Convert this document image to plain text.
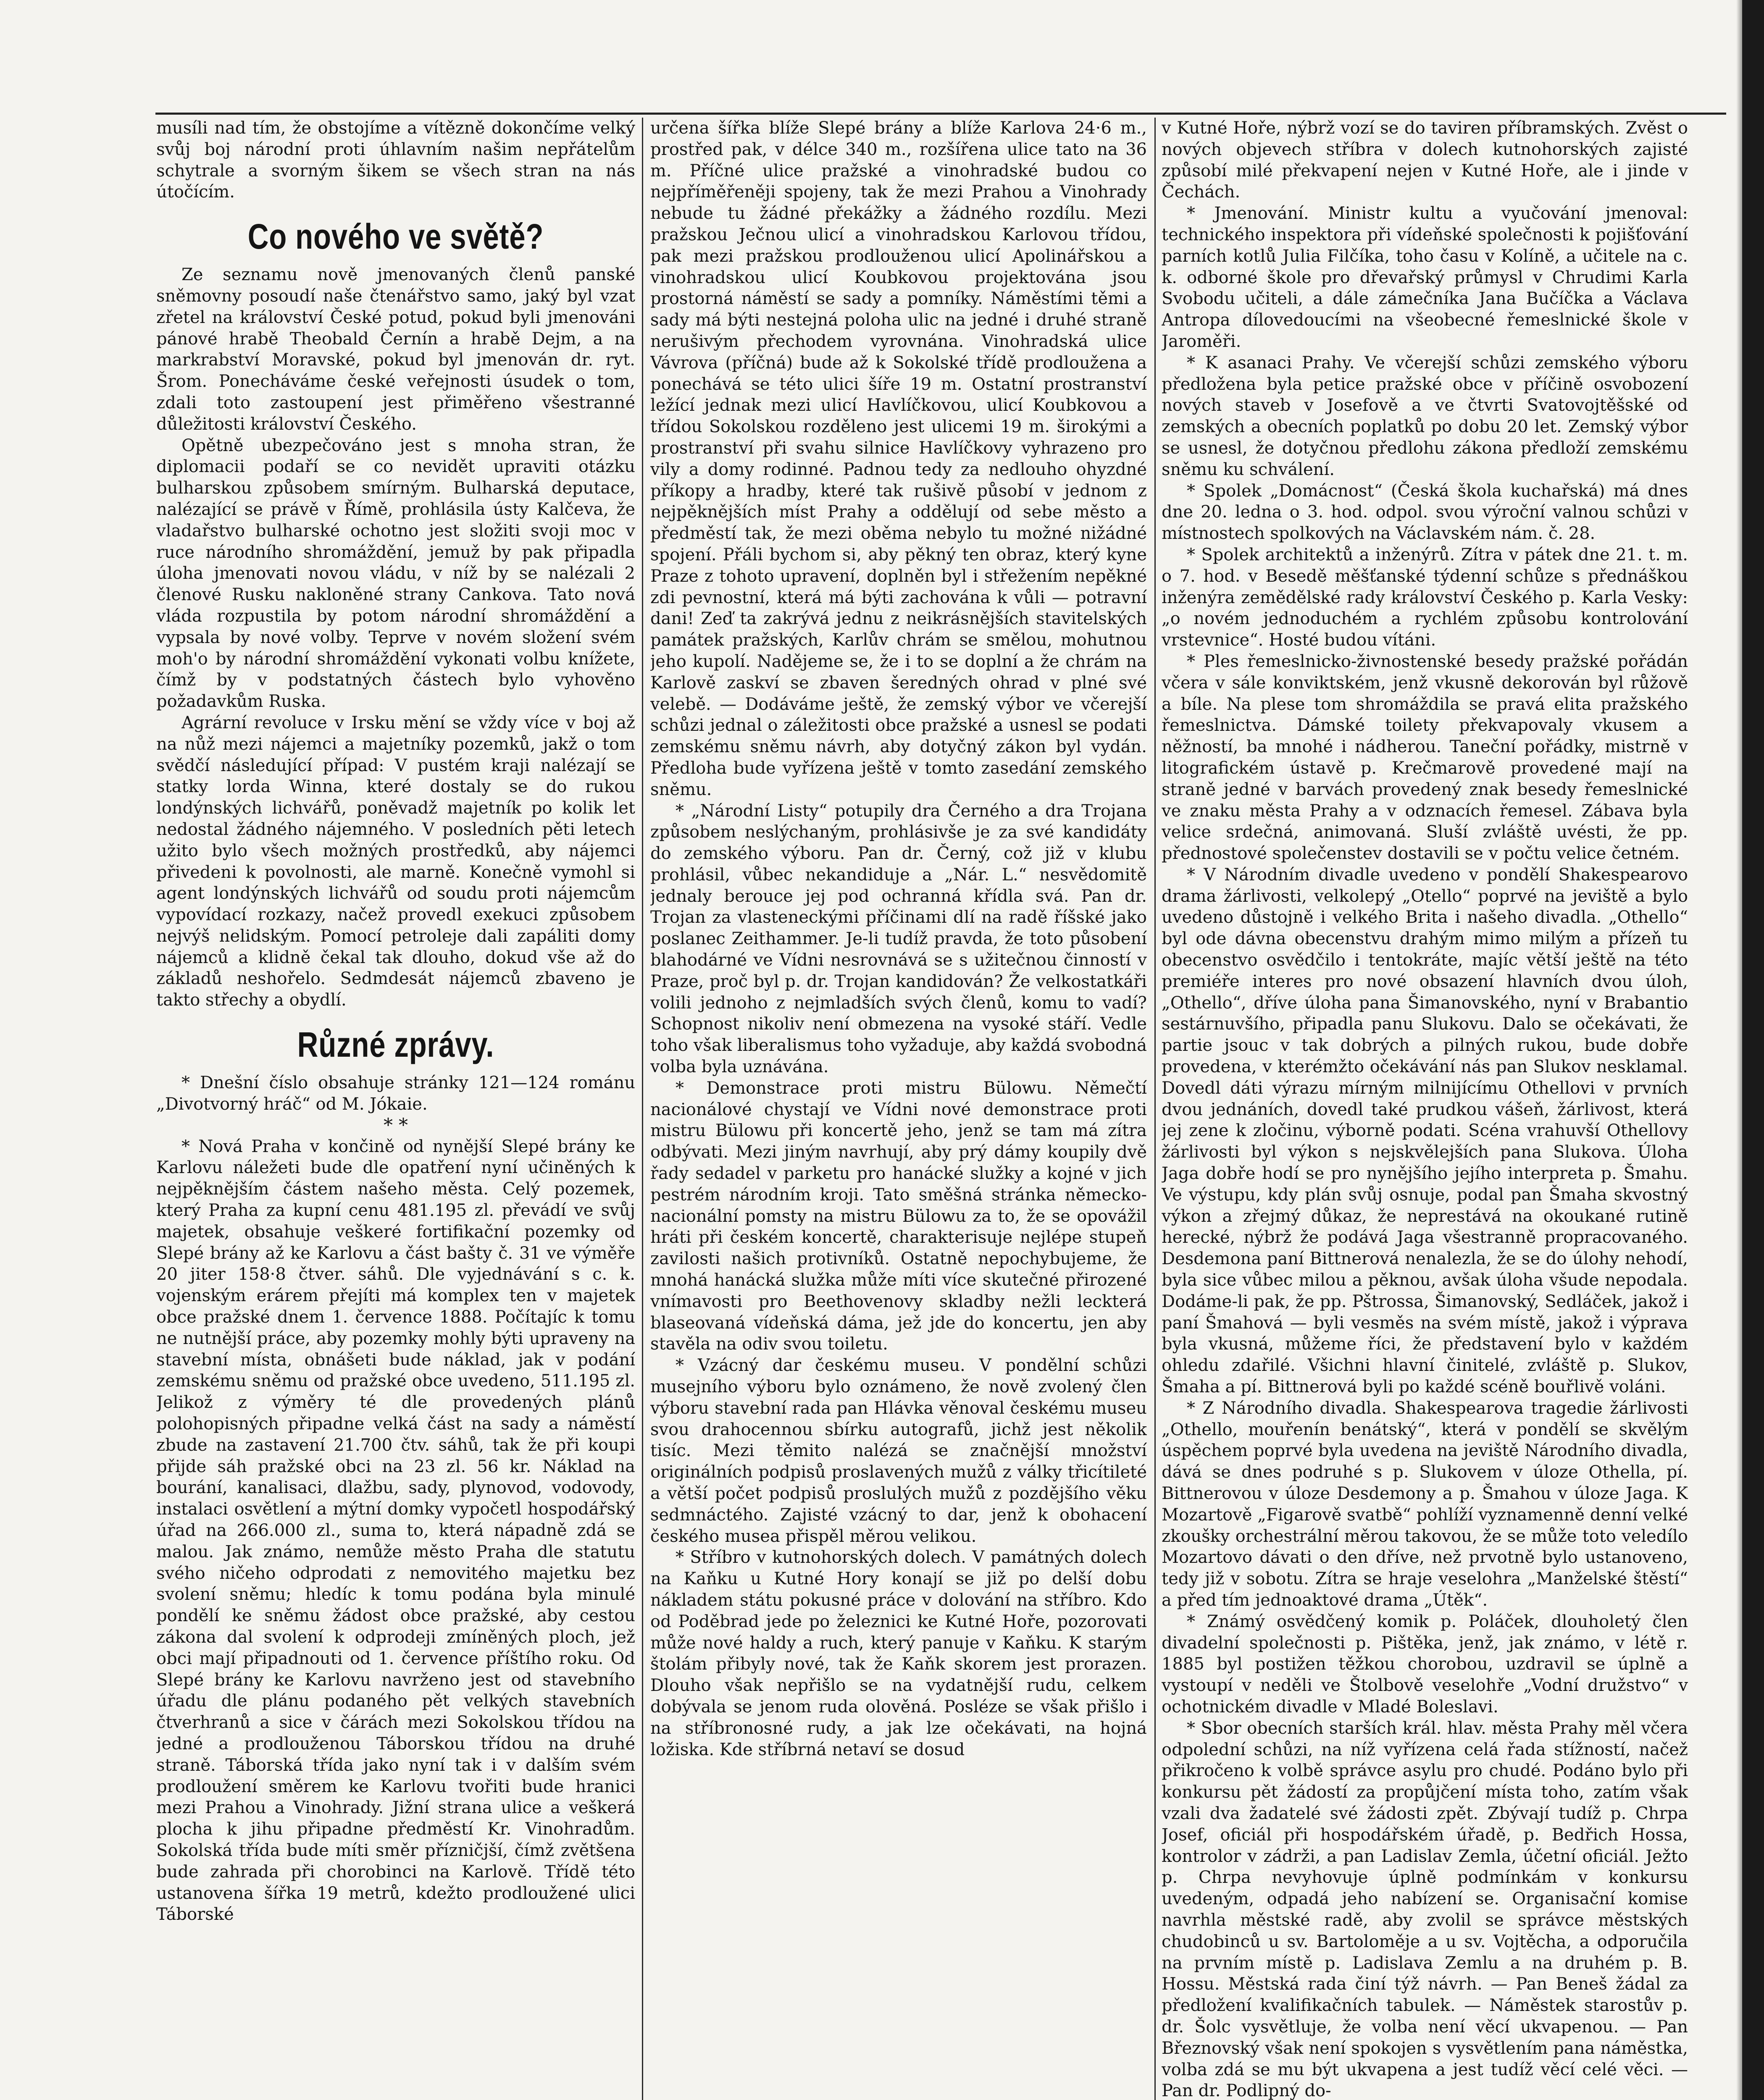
musíli nad tím, že obstojíme a vítězně dokončíme velký svůj boj národní proti úhlavním našim nepřátelům schytrale a svorným šikem se všech stran na nás útočícím.

Co nového ve světě?

Ze seznamu nově jmenovaných členů panské sněmovny posoudí naše čtenářstvo samo, jaký byl vzat zřetel na království České potud, pokud byli jmenováni pánové hrabě Theobald Černín a hrabě Dejm, a na markrabství Moravské, pokud byl jmenován dr. ryt. Šrom. Ponecháváme české veřejnosti úsudek o tom, zdali toto zastoupení jest přiměřeno všestranné důležitosti království Českého.

Opětně ubezpečováno jest s mnoha stran, že diplomacii podaří se co nevidět upraviti otázku bulharskou způsobem smírným. Bulharská deputace, nalézající se právě v Římě, prohlásila ústy Kalčeva, že vladařstvo bulharské ochotno jest složiti svoji moc v ruce národního shromáždění, jemuž by pak připadla úloha jmenovati novou vládu, v níž by se nalézali 2 členové Rusku nakloněné strany Cankova. Tato nová vláda rozpustila by potom národní shromáždění a vypsala by nové volby. Teprve v novém složení svém moh'o by národní shromáždění vykonati volbu knížete, čímž by v podstatných částech bylo vyhověno požadavkům Ruska.

Agrární revoluce v Irsku mění se vždy více v boj až na nůž mezi nájemci a majetníky pozemků, jakž o tom svědčí následující případ: V pustém kraji nalézají se statky lorda Winna, které dostaly se do rukou londýnských lichvářů, poněvadž majetník po kolik let nedostal žádného nájemného. V posledních pěti letech užito bylo všech možných prostředků, aby nájemci přivedeni k povolnosti, ale marně. Konečně vymohl si agent londýnských lichvářů od soudu proti nájemcům vypovídací rozkazy, načež provedl exekuci způsobem nejvýš nelidským. Pomocí petroleje dali zapáliti domy nájemců a klidně čekal tak dlouho, dokud vše až do základů neshořelo. Sedmdesát nájemců zbaveno je takto střechy a obydlí.

Různé zprávy.

* Dnešní číslo obsahuje stránky 121—124 románu „Divotvorný hráč“ od M. Jókaie.

* *

* Nová Praha v končině od nynější Slepé brány ke Karlovu náležeti bude dle opatření nyní učiněných k nejpěknějším částem našeho města. Celý pozemek, který Praha za kupní cenu 481.195 zl. převádí ve svůj majetek, obsahuje veškeré fortifikační pozemky od Slepé brány až ke Karlovu a část bašty č. 31 ve výměře 20 jiter 158·8 čtver. sáhů. Dle vyjednávání s c. k. vojenským erárem přejíti má komplex ten v majetek obce pražské dnem 1. července 1888. Počítajíc k tomu ne nutnější práce, aby pozemky mohly býti upraveny na stavební místa, obnášeti bude náklad, jak v podání zemskému sněmu od pražské obce uvedeno, 511.195 zl. Jelikož z výměry té dle provedených plánů polohopisných připadne velká část na sady a náměstí zbude na zastavení 21.700 čtv. sáhů, tak že při koupi přijde sáh pražské obci na 23 zl. 56 kr. Náklad na bourání, kanalisaci, dlažbu, sady, plynovod, vodovody, instalaci osvětlení a mýtní domky vypočetl hospodářský úřad na 266.000 zl., suma to, která nápadně zdá se malou. Jak známo, nemůže město Praha dle statutu svého ničeho odprodati z nemovitého majetku bez svolení sněmu; hledíc k tomu podána byla minulé pondělí ke sněmu žádost obce pražské, aby cestou zákona dal svolení k odprodeji zmíněných ploch, jež obci mají připadnouti od 1. července příštího roku. Od Slepé brány ke Karlovu navrženo jest od stavebního úřadu dle plánu podaného pět velkých stavebních čtverhranů a sice v čárách mezi Sokolskou třídou na jedné a prodlouženou Táborskou třídou na druhé straně. Táborská třída jako nyní tak i v dalším svém prodloužení směrem ke Karlovu tvořiti bude hranici mezi Prahou a Vinohrady. Jižní strana ulice a veškerá plocha k jihu připadne předměstí Kr. Vinohradům. Sokolská třída bude míti směr přízničjší, čímž zvětšena bude zahrada při chorobinci na Karlově. Třídě této ustanovena šířka 19 metrů, kdežto prodloužené ulici Táborské

určena šířka blíže Slepé brány a blíže Karlova 24·6 m., prostřed pak, v délce 340 m., rozšířena ulice tato na 36 m. Příčné ulice pražské a vinohradské budou co nejpříměřeněji spojeny, tak že mezi Prahou a Vinohrady nebude tu žádné překážky a žádného rozdílu. Mezi pražskou Ječnou ulicí a vinohradskou Karlovou třídou, pak mezi pražskou prodlouženou ulicí Apolinářskou a vinohradskou ulicí Koubkovou projektována jsou prostorná náměstí se sady a pomníky. Náměstími těmi a sady má býti nestejná poloha ulic na jedné i druhé straně nerušivým přechodem vyrovnána. Vinohradská ulice Vávrova (příčná) bude až k Sokolské třídě prodloužena a ponechává se této ulici šíře 19 m. Ostatní prostranství ležící jednak mezi ulicí Havlíčkovou, ulicí Koubkovou a třídou Sokolskou rozděleno jest ulicemi 19 m. širokými a prostranství při svahu silnice Havlíčkovy vyhrazeno pro vily a domy rodinné. Padnou tedy za nedlouho ohyzdné příkopy a hradby, které tak rušivě působí v jednom z nejpěknějších míst Prahy a oddělují od sebe město a předměstí tak, že mezi oběma nebylo tu možné nižádné spojení. Přáli bychom si, aby pěkný ten obraz, který kyne Praze z tohoto upravení, doplněn byl i střežením nepěkné zdi pevnostní, která má býti zachována k vůli — potravní dani! Zeď ta zakrývá jednu z neikrásnějších stavitelských památek pražských, Karlův chrám se smělou, mohutnou jeho kupolí. Nadějeme se, že i to se doplní a že chrám na Karlově zaskví se zbaven šeredných ohrad v plné své velebě. — Dodáváme ještě, že zemský výbor ve včerejší schůzi jednal o záležitosti obce pražské a usnesl se podati zemskému sněmu návrh, aby dotyčný zákon byl vydán. Předloha bude vyřízena ještě v tomto zasedání zemského sněmu.

* „Národní Listy“ potupily dra Černého a dra Trojana způsobem neslýchaným, prohlásivše je za své kandidáty do zemského výboru. Pan dr. Černý, což již v klubu prohlásil, vůbec nekandiduje a „Nár. L.“ nesvědomitě jednaly berouce jej pod ochranná křídla svá. Pan dr. Trojan za vlasteneckými příčinami dlí na radě říšské jako poslanec Zeithammer. Je-li tudíž pravda, že toto působení blahodárné ve Vídni nesrovnává se s užitečnou činností v Praze, proč byl p. dr. Trojan kandidován? Že velkostatkáři volili jednoho z nejmladších svých členů, komu to vadí? Schopnost nikoliv není obmezena na vysoké stáří. Vedle toho však liberalismus toho vyžaduje, aby každá svobodná volba byla uznávána.

* Demonstrace proti mistru Bülowu. Němečtí nacionálové chystají ve Vídni nové demonstrace proti mistru Bülowu při koncertě jeho, jenž se tam má zítra odbývati. Mezi jiným navrhují, aby prý dámy koupily dvě řady sedadel v parketu pro hanácké služky a kojné v jich pestrém národním kroji. Tato směšná stránka německo-nacionální pomsty na mistru Bülowu za to, že se opovážil hráti při českém koncertě, charakterisuje nejlépe stupeň zavilosti našich protivníků. Ostatně nepochybujeme, že mnohá hanácká služka může míti více skutečné přirozené vnímavosti pro Beethovenovy skladby nežli leckterá blaseovaná vídeňská dáma, jež jde do koncertu, jen aby stavěla na odiv svou toiletu.

* Vzácný dar českému museu. V pondělní schůzi musejního výboru bylo oznámeno, že nově zvolený člen výboru stavební rada pan Hlávka věnoval českému museu svou drahocennou sbírku autografů, jichž jest několik tisíc. Mezi těmito nalézá se značnější množství originálních podpisů proslavených mužů z války třicítileté a větší počet podpisů proslulých mužů z pozdějšího věku sedmnáctého. Zajisté vzácný to dar, jenž k obohacení českého musea přispěl měrou velikou.

* Stříbro v kutnohorských dolech. V památných dolech na Kaňku u Kutné Hory konají se již po delší dobu nákladem státu pokusné práce v dolování na stříbro. Kdo od Poděbrad jede po železnici ke Kutné Hoře, pozorovati může nové haldy a ruch, který panuje v Kaňku. K starým štolám přibyly nové, tak že Kaňk skorem jest prorazen. Dlouho však nepřišlo se na vydatnější rudu, celkem dobývala se jenom ruda olověná. Posléze se však přišlo i na stříbronosné rudy, a jak lze očekávati, na hojná ložiska. Kde stříbrná netaví se dosud

v Kutné Hoře, nýbrž vozí se do taviren příbramských. Zvěst o nových objevech stříbra v dolech kutnohorských zajisté způsobí milé překvapení nejen v Kutné Hoře, ale i jinde v Čechách.

* Jmenování. Ministr kultu a vyučování jmenoval: technického inspektora při vídeňské společnosti k pojišťování parních kotlů Julia Filčíka, toho času v Kolíně, a učitele na c. k. odborné škole pro dřevařský průmysl v Chrudimi Karla Svobodu učiteli, a dále zámečníka Jana Bučíčka a Václava Antropa dílovedoucími na všeobecné řemeslnické škole v Jaroměři.

* K asanaci Prahy. Ve včerejší schůzi zemského výboru předložena byla petice pražské obce v příčině osvobození nových staveb v Josefově a ve čtvrti Svatovojtěšské od zemských a obecních poplatků po dobu 20 let. Zemský výbor se usnesl, že dotyčnou předlohu zákona předloží zemskému sněmu ku schválení.

* Spolek „Domácnost“ (Česká škola kuchařská) má dnes dne 20. ledna o 3. hod. odpol. svou výroční valnou schůzi v místnostech spolkových na Václavském nám. č. 28.

* Spolek architektů a inženýrů. Zítra v pátek dne 21. t. m. o 7. hod. v Besedě měšťanské týdenní schůze s přednáškou inženýra zemědělské rady království Českého p. Karla Vesky: „o novém jednoduchém a rychlém způsobu kontrolování vrstevnice“. Hosté budou vítáni.

* Ples řemeslnicko-živnostenské besedy pražské pořádán včera v sále konviktském, jenž vkusně dekorován byl růžově a bíle. Na plese tom shromáždila se pravá elita pražského řemeslnictva. Dámské toilety překvapovaly vkusem a něžností, ba mnohé i nádherou. Taneční pořádky, mistrně v litografickém ústavě p. Krečmarově provedené mají na straně jedné v barvách provedený znak besedy řemeslnické ve znaku města Prahy a v odznacích řemesel. Zábava byla velice srdečná, animovaná. Sluší zvláště uvésti, že pp. přednostové společenstev dostavili se v počtu velice četném.

* V Národním divadle uvedeno v pondělí Shakespearovo drama žárlivosti, velkolepý „Otello“ poprvé na jeviště a bylo uvedeno důstojně i velkého Brita i našeho divadla. „Othello“ byl ode dávna obecenstvu drahým mimo milým a přízeň tu obecenstvo osvědčilo i tentokráte, majíc větší ještě na této premiéře interes pro nové obsazení hlavních dvou úloh, „Othello“, dříve úloha pana Šimanovského, nyní v Brabantio sestárnuvšího, připadla panu Slukovu. Dalo se očekávati, že partie jsouc v tak dobrých a pilných rukou, bude dobře provedena, v kterémžto očekávání nás pan Slukov nesklamal. Dovedl dáti výrazu mírným milnijícímu Othellovi v prvních dvou jednáních, dovedl také prudkou vášeň, žárlivost, která jej zene k zločinu, výborně podati. Scéna vrahuvší Othellovy žárlivosti byl výkon s nejskvělejších pana Slukova. Úloha Jaga dobře hodí se pro nynějšího jejího interpreta p. Šmahu. Ve výstupu, kdy plán svůj osnuje, podal pan Šmaha skvostný výkon a zřejmý důkaz, že neprestává na okoukané rutině herecké, nýbrž že podává Jaga všestranně propracovaného. Desdemona paní Bittnerová nenalezla, že se do úlohy nehodí, byla sice vůbec milou a pěknou, avšak úloha všude nepodala. Dodáme-li pak, že pp. Pštrossa, Šimanovský, Sedláček, jakož i paní Šmahová — byli vesměs na svém místě, jakož i výprava byla vkusná, můžeme říci, že představení bylo v každém ohledu zdařilé. Všichni hlavní činitelé, zvláště p. Slukov, Šmaha a pí. Bittnerová byli po každé scéně bouřlivě voláni.

* Z Národního divadla. Shakespearova tragedie žárlivosti „Othello, mouřenín benátský“, která v pondělí se skvělým úspěchem poprvé byla uvedena na jeviště Národního divadla, dává se dnes podruhé s p. Slukovem v úloze Othella, pí. Bittnerovou v úloze Desdemony a p. Šmahou v úloze Jaga. K Mozartově „Figarově svatbě“ pohlíží vyznamenně denní velké zkoušky orchestrální měrou takovou, že se může toto veledílo Mozartovo dávati o den dříve, než prvotně bylo ustanoveno, tedy již v sobotu. Zítra se hraje veselohra „Manželské štěstí“ a před tím jednoaktové drama „Útěk“.

* Známý osvědčený komik p. Poláček, dlouholetý člen divadelní společnosti p. Pištěka, jenž, jak známo, v létě r. 1885 byl postižen těžkou chorobou, uzdravil se úplně a vystoupí v neděli ve Štolbově veselohře „Vodní družstvo“ v ochotnickém divadle v Mladé Boleslavi.

* Sbor obecních starších král. hlav. města Prahy měl včera odpolední schůzi, na níž vyřízena celá řada stížností, načež přikročeno k volbě správce asylu pro chudé. Podáno bylo při konkursu pět žádostí za propůjčení místa toho, zatím však vzali dva žadatelé své žádosti zpět. Zbývají tudíž p. Chrpa Josef, oficiál při hospodářském úřadě, p. Bedřich Hossa, kontrolor v zádrži, a pan Ladislav Zemla, účetní oficiál. Ježto p. Chrpa nevyhovuje úplně podmínkám v konkursu uvedeným, odpadá jeho nabízení se. Organisační komise navrhla městské radě, aby zvolil se správce městských chudobinců u sv. Bartoloměje a u sv. Vojtěcha, a odporučila na prvním místě p. Ladislava Zemlu a na druhém p. B. Hossu. Městská rada činí týž návrh. — Pan Beneš žádal za předložení kvalifikačních tabulek. — Náměstek starostův p. dr. Šolc vysvětluje, že volba není věcí ukvapenou. — Pan Březnovský však není spokojen s vysvětlením pana náměstka, volba zdá se mu být ukvapena a jest tudíž věcí celé věci. — Pan dr. Podlipný do-
